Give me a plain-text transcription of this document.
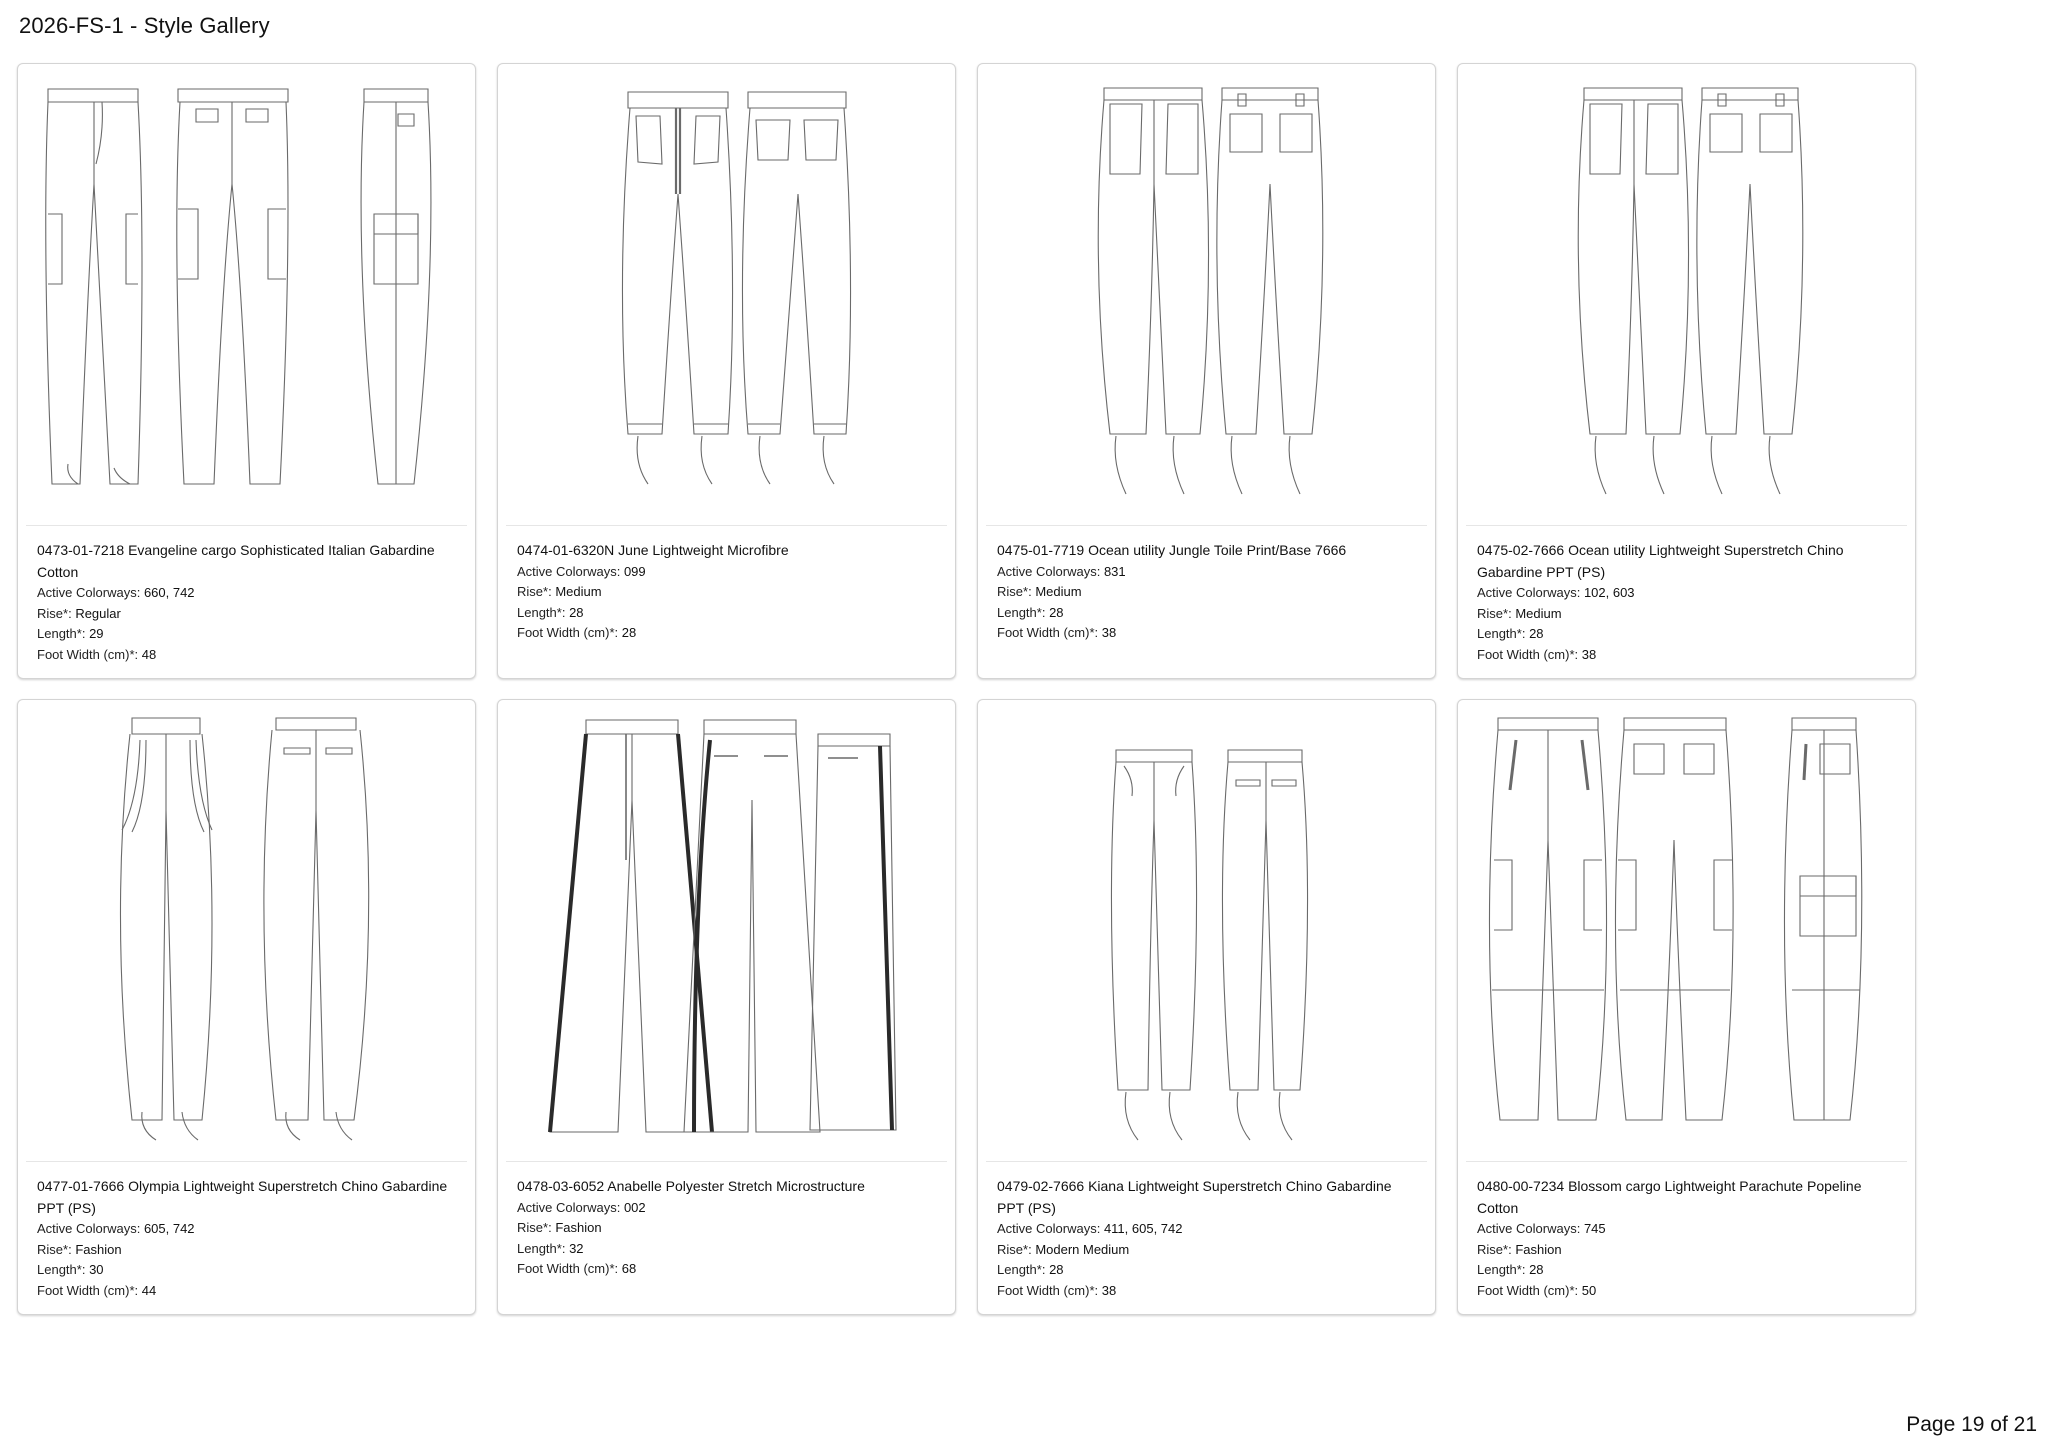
2026-FS-1 - Style Gallery
0473-01-7218 Evangeline cargo Sophisticated Italian Gabardine Cotton
Active Colorways: 660, 742
Rise*: Regular
Length*: 29
Foot Width (cm)*: 48
0474-01-6320N June Lightweight Microfibre
Active Colorways: 099
Rise*: Medium
Length*: 28
Foot Width (cm)*: 28
0475-01-7719 Ocean utility Jungle Toile Print/Base 7666
Active Colorways: 831
Rise*: Medium
Length*: 28
Foot Width (cm)*: 38
0475-02-7666 Ocean utility Lightweight Superstretch Chino Gabardine PPT (PS)
Active Colorways: 102, 603
Rise*: Medium
Length*: 28
Foot Width (cm)*: 38
0477-01-7666 Olympia Lightweight Superstretch Chino Gabardine PPT (PS)
Active Colorways: 605, 742
Rise*: Fashion
Length*: 30
Foot Width (cm)*: 44
0478-03-6052 Anabelle Polyester Stretch Microstructure
Active Colorways: 002
Rise*: Fashion
Length*: 32
Foot Width (cm)*: 68
0479-02-7666 Kiana Lightweight Superstretch Chino Gabardine PPT (PS)
Active Colorways: 411, 605, 742
Rise*: Modern Medium
Length*: 28
Foot Width (cm)*: 38
0480-00-7234 Blossom cargo Lightweight Parachute Popeline Cotton
Active Colorways: 745
Rise*: Fashion
Length*: 28
Foot Width (cm)*: 50
Page 19 of 21
